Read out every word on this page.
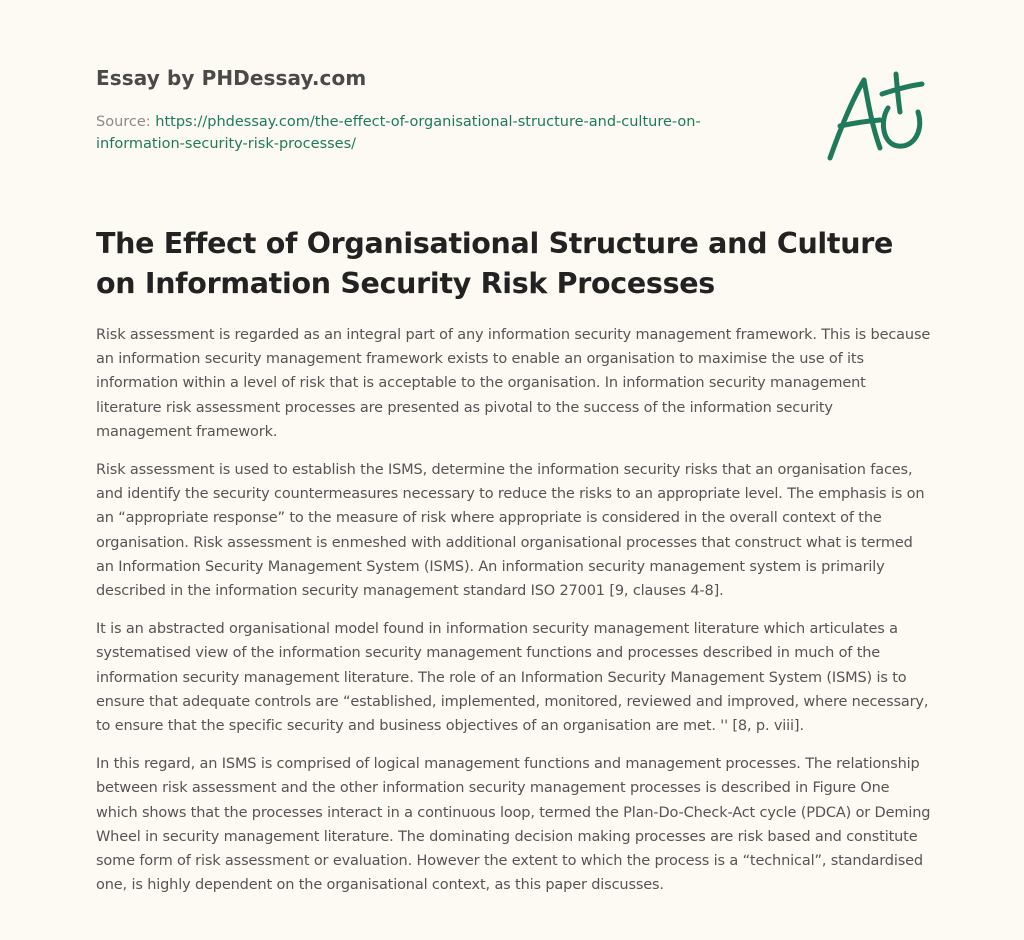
Essay by PHDessay.com
Source: https://phdessay.com/the-effect-of-organisational-structure-and-culture-on-information-security-risk-processes/
The Effect of Organisational Structure and Culture on Information Security Risk Processes

Risk assessment is regarded as an integral part of any information security management framework. This is because an information security management framework exists to enable an organisation to maximise the use of its information within a level of risk that is acceptable to the organisation. In information security management literature risk assessment processes are presented as pivotal to the success of the information security management framework.

Risk assessment is used to establish the ISMS, determine the information security risks that an organisation faces, and identify the security countermeasures necessary to reduce the risks to an appropriate level. The emphasis is on an “appropriate response” to the measure of risk where appropriate is considered in the overall context of the organisation. Risk assessment is enmeshed with additional organisational processes that construct what is termed an Information Security Management System (ISMS). An information security management system is primarily described in the information security management standard ISO 27001 [9, clauses 4-8].

It is an abstracted organisational model found in information security management literature which articulates a systematised view of the information security management functions and processes described in much of the information security management literature. The role of an Information Security Management System (ISMS) is to ensure that adequate controls are “established, implemented, monitored, reviewed and improved, where necessary, to ensure that the specific security and business objectives of an organisation are met. '' [8, p. viii].

In this regard, an ISMS is comprised of logical management functions and management processes. The relationship between risk assessment and the other information security management processes is described in Figure One which shows that the processes interact in a continuous loop, termed the Plan-Do-Check-Act cycle (PDCA) or Deming Wheel in security management literature. The dominating decision making processes are risk based and constitute some form of risk assessment or evaluation. However the extent to which the process is a “technical”, standardised one, is highly dependent on the organisational context, as this paper discusses.
